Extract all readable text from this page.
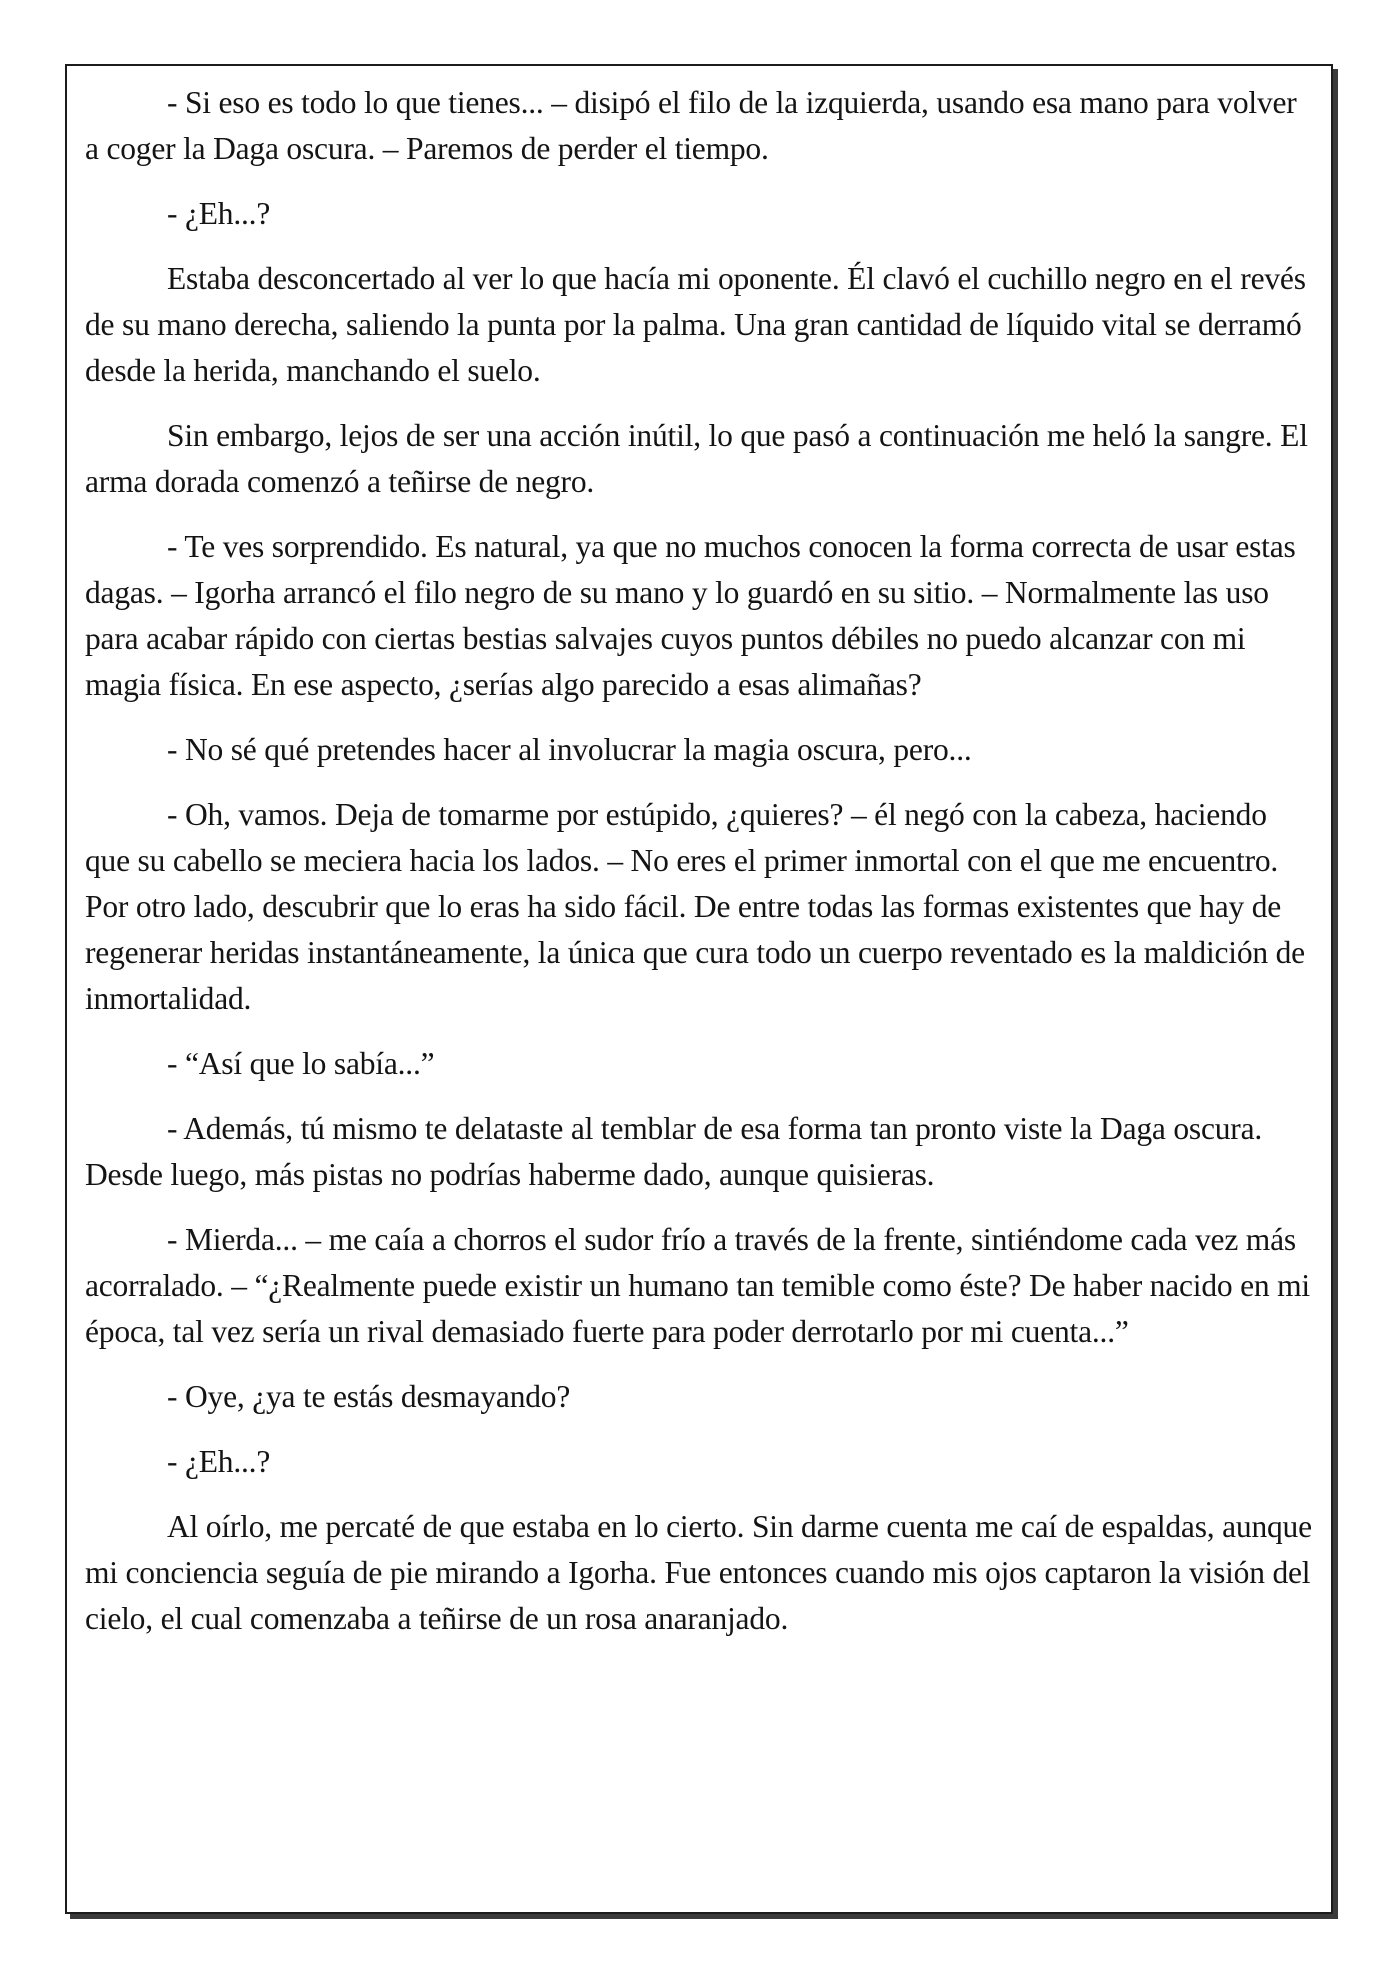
- Si eso es todo lo que tienes... – disipó el filo de la izquierda, usando esa mano para volver a coger la Daga oscura. – Paremos de perder el tiempo.

- ¿Eh...?

Estaba desconcertado al ver lo que hacía mi oponente. Él clavó el cuchillo negro en el revés de su mano derecha, saliendo la punta por la palma. Una gran cantidad de líquido vital se derramó desde la herida, manchando el suelo.

Sin embargo, lejos de ser una acción inútil, lo que pasó a continuación me heló la sangre. El arma dorada comenzó a teñirse de negro.

- Te ves sorprendido. Es natural, ya que no muchos conocen la forma correcta de usar estas dagas. – Igorha arrancó el filo negro de su mano y lo guardó en su sitio. – Normalmente las uso para acabar rápido con ciertas bestias salvajes cuyos puntos débiles no puedo alcanzar con mi magia física. En ese aspecto, ¿serías algo parecido a esas alimañas?

- No sé qué pretendes hacer al involucrar la magia oscura, pero...

- Oh, vamos. Deja de tomarme por estúpido, ¿quieres? – él negó con la cabeza, haciendo que su cabello se meciera hacia los lados. – No eres el primer inmortal con el que me encuentro. Por otro lado, descubrir que lo eras ha sido fácil. De entre todas las formas existentes que hay de regenerar heridas instantáneamente, la única que cura todo un cuerpo reventado es la maldición de inmortalidad.

- “Así que lo sabía...”

- Además, tú mismo te delataste al temblar de esa forma tan pronto viste la Daga oscura. Desde luego, más pistas no podrías haberme dado, aunque quisieras.

- Mierda... – me caía a chorros el sudor frío a través de la frente, sintiéndome cada vez más acorralado. – “¿Realmente puede existir un humano tan temible como éste? De haber nacido en mi época, tal vez sería un rival demasiado fuerte para poder derrotarlo por mi cuenta...”

- Oye, ¿ya te estás desmayando?

- ¿Eh...?

Al oírlo, me percaté de que estaba en lo cierto. Sin darme cuenta me caí de espaldas, aunque mi conciencia seguía de pie mirando a Igorha. Fue entonces cuando mis ojos captaron la visión del cielo, el cual comenzaba a teñirse de un rosa anaranjado.
